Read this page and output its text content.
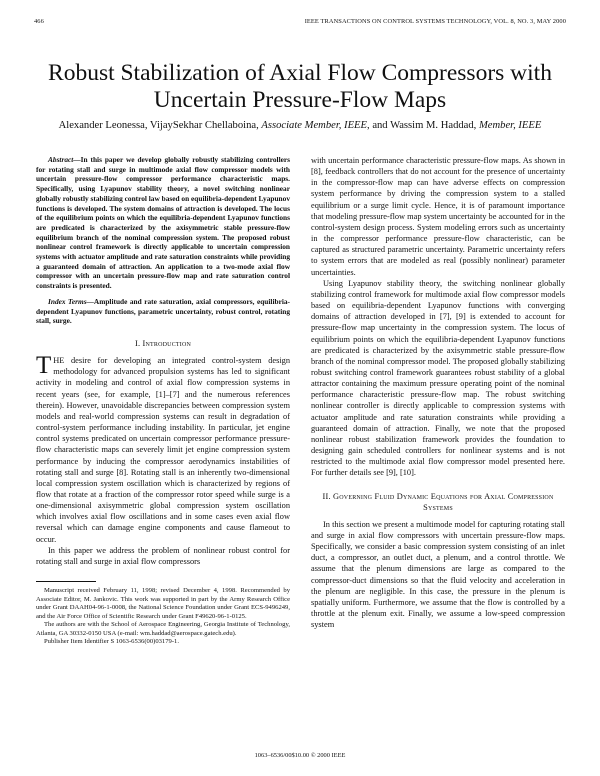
466	IEEE TRANSACTIONS ON CONTROL SYSTEMS TECHNOLOGY, VOL. 8, NO. 3, MAY 2000
Robust Stabilization of Axial Flow Compressors with Uncertain Pressure-Flow Maps
Alexander Leonessa, VijaySekhar Chellaboina, Associate Member, IEEE, and Wassim M. Haddad, Member, IEEE

Abstract—In this paper we develop globally robustly stabilizing controllers for rotating stall and surge in multimode axial flow compressor models with uncertain pressure-flow compressor performance characteristic maps. Specifically, using Lyapunov stability theory, a novel switching nonlinear globally robustly stabilizing control law based on equilibria-dependent Lyapunov functions is developed. The system domains of attraction is developed. The locus of the equilibrium points on which the equilibria-dependent Lyapunov functions are predicated is characterized by the axisymmetric stable pressure-flow equilibrium branch of the nominal compression system. The proposed robust nonlinear control framework is directly applicable to uncertain compression systems with actuator amplitude and rate saturation constraints while providing a guaranteed domain of attraction. An application to a two-mode axial flow compressor with an uncertain pressure-flow map and rate saturation control constraints is presented.

Index Terms—Amplitude and rate saturation, axial compressors, equilibria-dependent Lyapunov functions, parametric uncertainty, robust control, rotating stall, surge.

I. Introduction

THE desire for developing an integrated control-system design methodology for advanced propulsion systems has led to significant activity in modeling and control of axial flow compression systems in recent years (see, for example, [1]–[7] and the numerous references therein). However, unavoidable discrepancies between compression system models and real-world compression systems can result in degradation of control-system performance including instability. In particular, jet engine control systems predicated on uncertain compressor performance pressure-flow characteristic maps can severely limit jet engine compression system performance by inducing the compressor aerodynamics instabilities of rotating stall and surge [8]. Rotating stall is an inherently two-dimensional local compression system oscillation which is characterized by regions of flow that rotate at a fraction of the compressor rotor speed while surge is a one-dimensional axisymmetric global compression system oscillation which involves axial flow oscillations and in some cases even axial flow reversal which can damage engine components and cause flameout to occur.

In this paper we address the problem of nonlinear robust control for rotating stall and surge in axial flow compressors

Manuscript received February 11, 1998; revised December 4, 1998. Recommended by Associate Editor, M. Jankovic. This work was supported in part by the Army Research Office under Grant DAAH04-96-1-0008, the National Science Foundation under Grant ECS-9496249, and the Air Force Office of Scientific Research under Grant F49620-96-1-0125.

The authors are with the School of Aerospace Engineering, Georgia Institute of Technology, Atlanta, GA 30332-0150 USA (e-mail: wm.haddad@aerospace.gatech.edu).

Publisher Item Identifier S 1063-6536(00)03179-1.

with uncertain performance characteristic pressure-flow maps. As shown in [8], feedback controllers that do not account for the presence of uncertainty in the compressor-flow map can have adverse effects on compression system performance by driving the compression system to a stalled equilibrium or a surge limit cycle. Hence, it is of paramount importance that modeling pressure-flow map system uncertainty be accounted for in the control-system design process. System modeling errors such as uncertainty in the compressor performance pressure-flow characteristic, can be captured as structured parametric uncertainty. Parametric uncertainty refers to system errors that are modeled as real (possibly nonlinear) parameter uncertainties.

Using Lyapunov stability theory, the switching nonlinear globally stabilizing control framework for multimode axial flow compressor models based on equilibria-dependent Lyapunov functions with converging domains of attraction developed in [7], [9] is extended to account for pressure-flow map uncertainty in the compression system. The locus of equilibrium points on which the equilibria-dependent Lyapunov functions are predicated is characterized by the axisymmetric stable pressure-flow branch of the nominal compressor model. The proposed globally stabilizing robust switching control framework guarantees robust stability of a global attractor containing the maximum pressure operating point of the nominal performance characteristic pressure-flow map. The robust switching nonlinear controller is directly applicable to compression systems with actuator amplitude and rate saturation constraints while providing a guaranteed domain of attraction. Finally, we note that the proposed nonlinear robust stabilization framework provides the foundation to designing gain scheduled controllers for nonlinear systems and is not restricted to the multimode axial flow compressor model presented here. For further details see [9], [10].

II. Governing Fluid Dynamic Equations for Axial Compression Systems

In this section we present a multimode model for capturing rotating stall and surge in axial flow compressors with uncertain pressure-flow maps. Specifically, we consider a basic compression system consisting of an inlet duct, a compressor, an outlet duct, a plenum, and a control throttle. We assume that the plenum dimensions are large as compared to the compressor-duct dimensions so that the fluid velocity and acceleration in the plenum are negligible. In this case, the pressure in the plenum is spatially uniform. Furthermore, we assume that the flow is controlled by a throttle at the plenum exit. Finally, we assume a low-speed compression system

1063–6536/00$10.00 © 2000 IEEE
